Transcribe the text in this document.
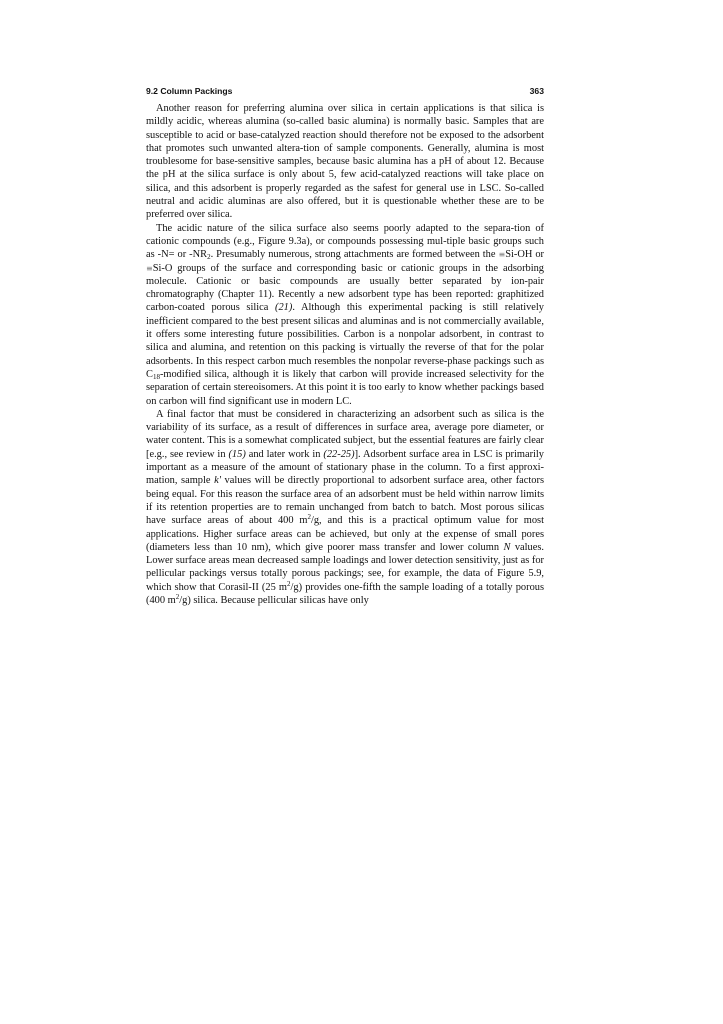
9.2 Column Packings	363

Another reason for preferring alumina over silica in certain applications is that silica is mildly acidic, whereas alumina (so-called basic alumina) is normally basic. Samples that are susceptible to acid or base-catalyzed reaction should therefore not be exposed to the adsorbent that promotes such unwanted altera-tion of sample components. Generally, alumina is most troublesome for base-sensitive samples, because basic alumina has a pH of about 12. Because the pH at the silica surface is only about 5, few acid-catalyzed reactions will take place on silica, and this adsorbent is properly regarded as the safest for general use in LSC. So-called neutral and acidic aluminas are also offered, but it is questionable whether these are to be preferred over silica.

The acidic nature of the silica surface also seems poorly adapted to the separa-tion of cationic compounds (e.g., Figure 9.3a), or compounds possessing mul-tiple basic groups such as -N= or $-NR_2$. Presumably numerous, strong attachments are formed between the ≡Si-OH or ≡Si-O groups of the surface and corresponding basic or cationic groups in the adsorbing molecule. Cationic or basic compounds are usually better separated by ion-pair chromatography (Chapter 11). Recently a new adsorbent type has been reported: graphitized carbon-coated porous silica (21). Although this experimental packing is still relatively inefficient compared to the best present silicas and aluminas and is not commercially available, it offers some interesting future possibilities. Carbon is a nonpolar adsorbent, in contrast to silica and alumina, and retention on this packing is virtually the reverse of that for the polar adsorbents. In this respect carbon much resembles the nonpolar reverse-phase packings such as $C_{18}$-modified silica, although it is likely that carbon will provide increased selectivity for the separation of certain stereoisomers. At this point it is too early to know whether packings based on carbon will find significant use in modern LC.

A final factor that must be considered in characterizing an adsorbent such as silica is the variability of its surface, as a result of differences in surface area, average pore diameter, or water content. This is a somewhat complicated subject, but the essential features are fairly clear [e.g., see review in (15) and later work in (22-25)]. Adsorbent surface area in LSC is primarily important as a measure of the amount of stationary phase in the column. To a first approxi-mation, sample k' values will be directly proportional to adsorbent surface area, other factors being equal. For this reason the surface area of an adsorbent must be held within narrow limits if its retention properties are to remain unchanged from batch to batch. Most porous silicas have surface areas of about 400 $m^2/g$, and this is a practical optimum value for most applications. Higher surface areas can be achieved, but only at the expense of small pores (diameters less than 10 nm), which give poorer mass transfer and lower column N values. Lower surface areas mean decreased sample loadings and lower detection sensitivity, just as for pellicular packings versus totally porous packings; see, for example, the data of Figure 5.9, which show that Corasil-II (25 $m^2/g$) provides one-fifth the sample loading of a totally porous (400 $m^2/g$) silica. Because pellicular silicas have only
